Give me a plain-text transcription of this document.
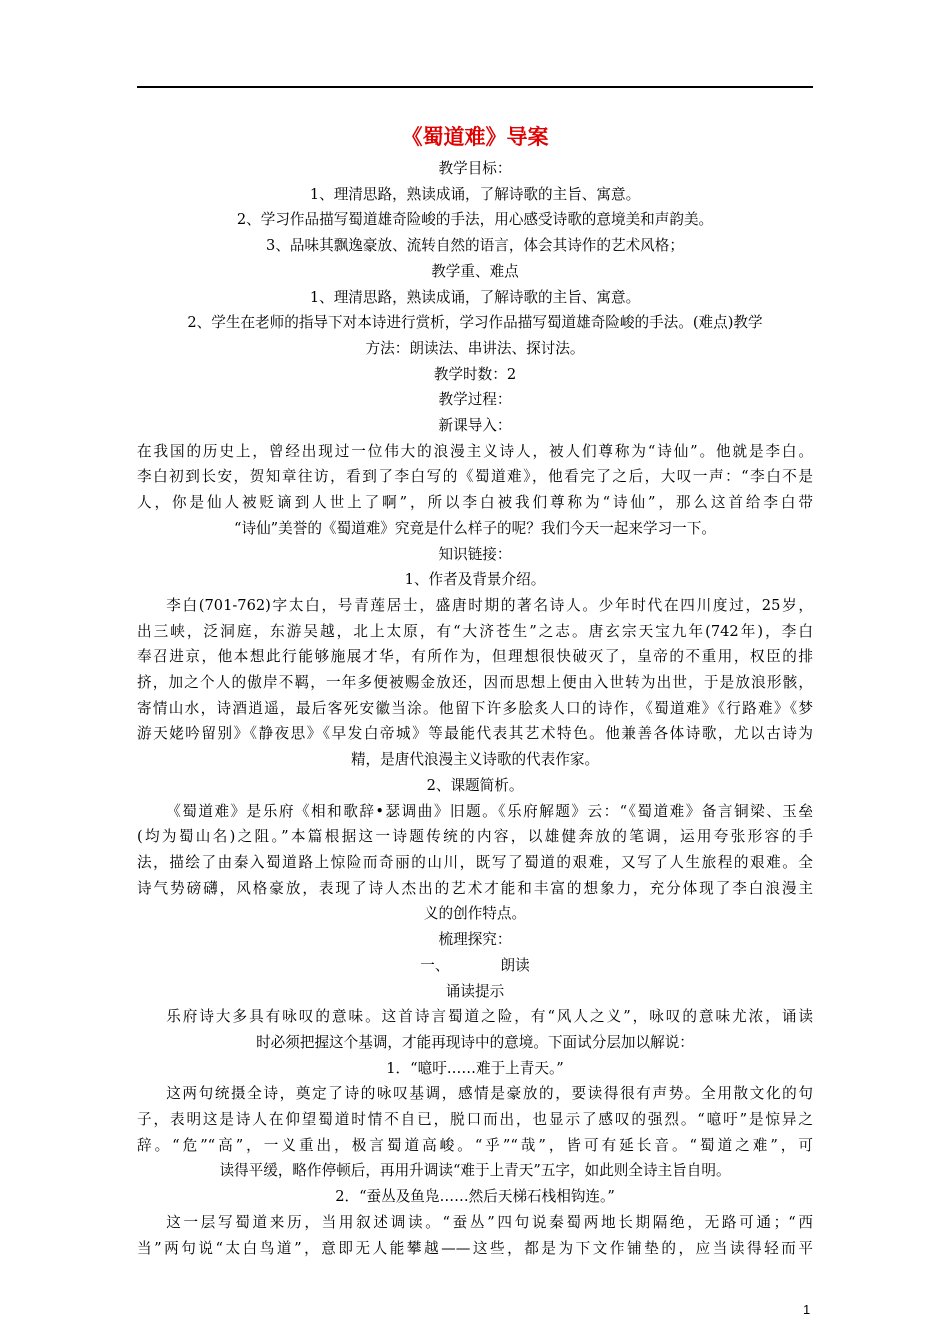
《蜀道难》导案

教学目标：

1、理清思路，熟读成诵，了解诗歌的主旨、寓意。

2、学习作品描写蜀道雄奇险峻的手法，用心感受诗歌的意境美和声韵美。

3、品味其飘逸豪放、流转自然的语言，体会其诗作的艺术风格；

教学重、难点

1、理清思路，熟读成诵，了解诗歌的主旨、寓意。

2、学生在老师的指导下对本诗进行赏析，学习作品描写蜀道雄奇险峻的手法。(难点)教学

方法：朗读法、串讲法、探讨法。

教学时数：2

教学过程：

新课导入：

在我国的历史上，曾经出现过一位伟大的浪漫主义诗人，被人们尊称为“诗仙”。他就是李白。

李白初到长安，贺知章往访，看到了李白写的《蜀道难》，他看完了之后，大叹一声：“李白不是

人，你是仙人被贬谪到人世上了啊”，所以李白被我们尊称为“诗仙”，那么这首给李白带

“诗仙”美誉的《蜀道难》究竟是什么样子的呢？我们今天一起来学习一下。

知识链接：

1、作者及背景介绍。

李白(701-762)字太白，号青莲居士，盛唐时期的著名诗人。少年时代在四川度过，25岁，

出三峡，泛洞庭，东游吴越，北上太原，有“大济苍生”之志。唐玄宗天宝九年(742年)，李白

奉召进京，他本想此行能够施展才华，有所作为，但理想很快破灭了，皇帝的不重用，权臣的排

挤，加之个人的傲岸不羁，一年多便被赐金放还，因而思想上便由入世转为出世，于是放浪形骸，

寄情山水，诗酒逍遥，最后客死安徽当涂。他留下许多脍炙人口的诗作，《蜀道难》《行路难》《梦

游天姥吟留别》《静夜思》《早发白帝城》等最能代表其艺术特色。他兼善各体诗歌，尤以古诗为

精，是唐代浪漫主义诗歌的代表作家。

2、课题简析。

《蜀道难》是乐府《相和歌辞•瑟调曲》旧题。《乐府解题》云：“《蜀道难》备言铜梁、玉垒

(均为蜀山名)之阻。”本篇根据这一诗题传统的内容，以雄健奔放的笔调，运用夸张形容的手

法，描绘了由秦入蜀道路上惊险而奇丽的山川，既写了蜀道的艰难，又写了人生旅程的艰难。全

诗气势磅礴，风格豪放，表现了诗人杰出的艺术才能和丰富的想象力，充分体现了李白浪漫主

义的创作特点。

梳理探究：

一、　　　　朗读

诵读提示

乐府诗大多具有咏叹的意味。这首诗言蜀道之险，有“风人之义”，咏叹的意味尤浓，诵读

时必须把握这个基调，才能再现诗中的意境。下面试分层加以解说：

1．“噫吁……难于上青天。”

这两句统摄全诗，奠定了诗的咏叹基调，感情是豪放的，要读得很有声势。全用散文化的句

子，表明这是诗人在仰望蜀道时情不自已，脱口而出，也显示了感叹的强烈。“噫吁”是惊异之

辞。“危”“高”，一义重出，极言蜀道高峻。“乎”“哉”，皆可有延长音。“蜀道之难”，可

读得平缓，略作停顿后，再用升调读“难于上青天”五字，如此则全诗主旨自明。

2．“蚕丛及鱼凫……然后天梯石栈相钩连。”

这一层写蜀道来历，当用叙述调读。“蚕丛”四句说秦蜀两地长期隔绝，无路可通；“西

当”两句说“太白鸟道”，意即无人能攀越——这些，都是为下文作铺垫的，应当读得轻而平

1
